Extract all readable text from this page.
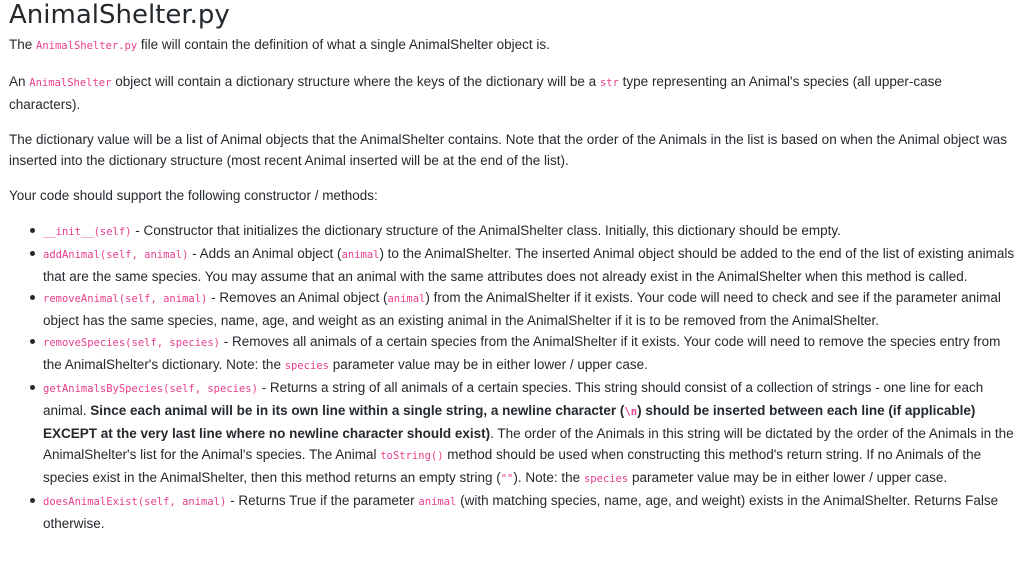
AnimalShelter.py

The AnimalShelter.py file will contain the definition of what a single AnimalShelter object is.

An AnimalShelter object will contain a dictionary structure where the keys of the dictionary will be a str type representing an Animal's species (all upper-case characters).

The dictionary value will be a list of Animal objects that the AnimalShelter contains. Note that the order of the Animals in the list is based on when the Animal object was inserted into the dictionary structure (most recent Animal inserted will be at the end of the list).

Your code should support the following constructor / methods:

__init__(self) - Constructor that initializes the dictionary structure of the AnimalShelter class. Initially, this dictionary should be empty.
addAnimal(self, animal) - Adds an Animal object (animal) to the AnimalShelter. The inserted Animal object should be added to the end of the list of existing animals that are the same species. You may assume that an animal with the same attributes does not already exist in the AnimalShelter when this method is called.
removeAnimal(self, animal) - Removes an Animal object (animal) from the AnimalShelter if it exists. Your code will need to check and see if the parameter animal object has the same species, name, age, and weight as an existing animal in the AnimalShelter if it is to be removed from the AnimalShelter.
removeSpecies(self, species) - Removes all animals of a certain species from the AnimalShelter if it exists. Your code will need to remove the species entry from the AnimalShelter's dictionary. Note: the species parameter value may be in either lower / upper case.
getAnimalsBySpecies(self, species) - Returns a string of all animals of a certain species. This string should consist of a collection of strings - one line for each animal. Since each animal will be in its own line within a single string, a newline character (\n) should be inserted between each line (if applicable) EXCEPT at the very last line where no newline character should exist). The order of the Animals in this string will be dictated by the order of the Animals in the AnimalShelter's list for the Animal's species. The Animal toString() method should be used when constructing this method's return string. If no Animals of the species exist in the AnimalShelter, then this method returns an empty string (""). Note: the species parameter value may be in either lower / upper case.
doesAnimalExist(self, animal) - Returns True if the parameter animal (with matching species, name, age, and weight) exists in the AnimalShelter. Returns False otherwise.
